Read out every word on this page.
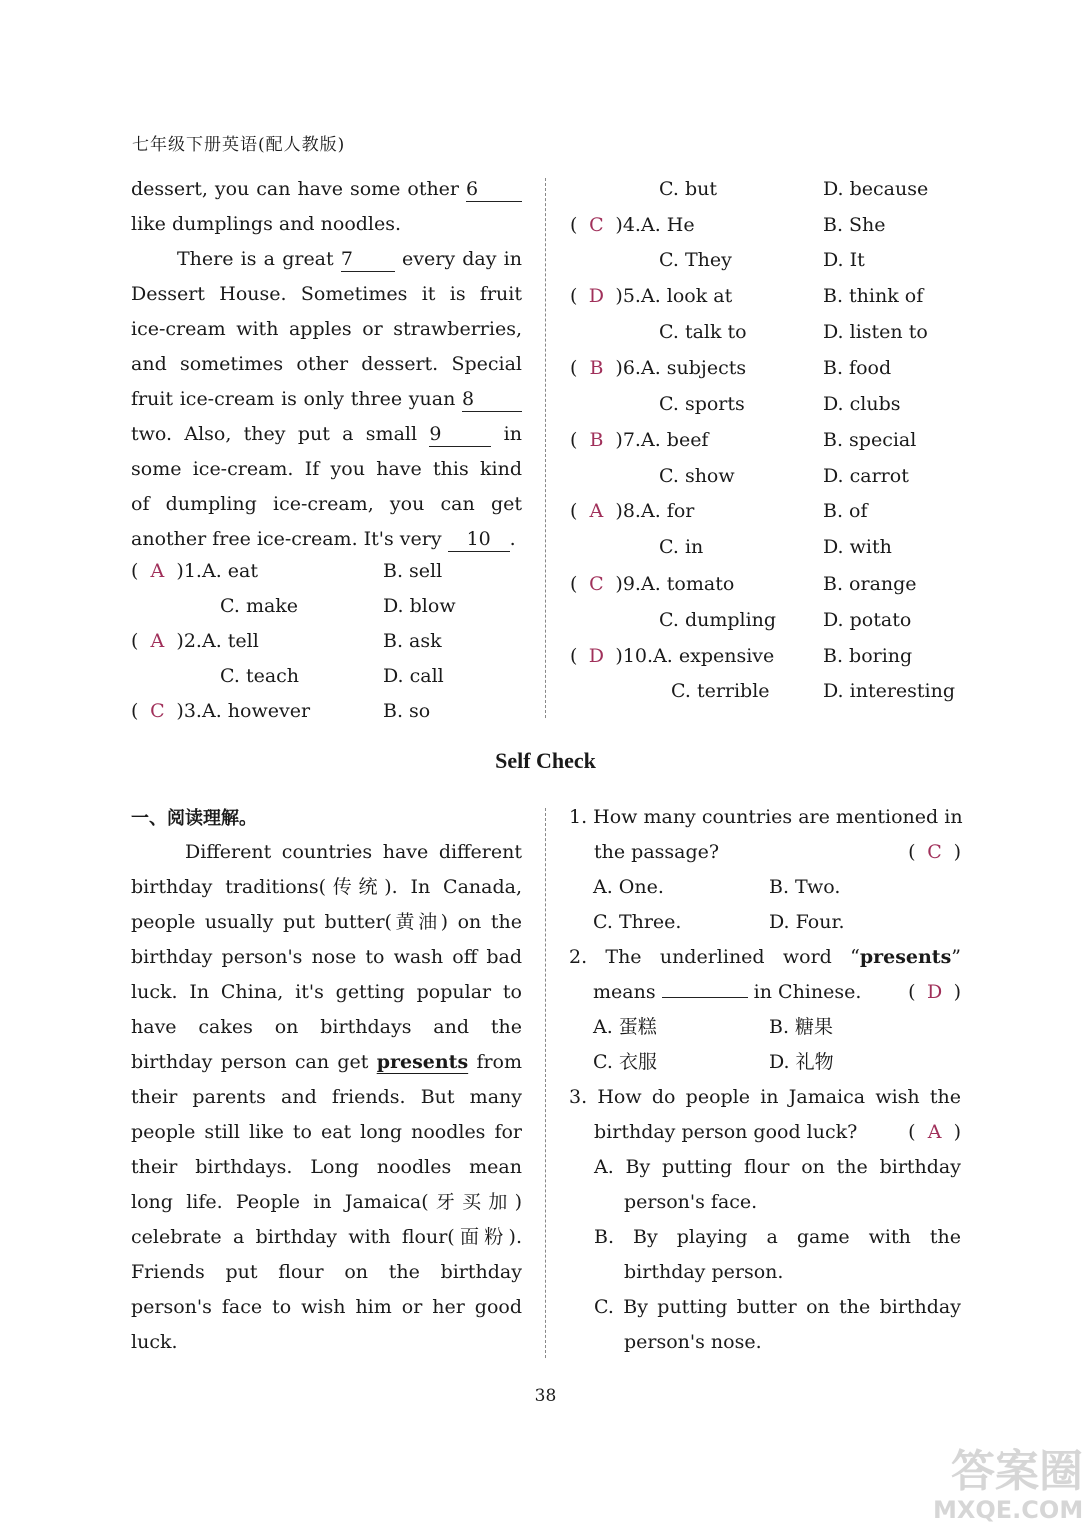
七年级下册英语(配人教版)
dessert, you can have some other 6
like dumplings and noodles.
There is a great 7	every day in
Dessert House. Sometimes it is fruit
ice-cream with apples or strawberries,
and sometimes other dessert. Special
fruit ice-cream is only three yuan 8
two. Also, they put a small 9	in
some ice-cream. If you have this kind
of dumpling ice-cream, you can get
another free ice-cream. It's very 10 .
( A )1.A. eat	B. sell
C. make	D. blow
( A )2.A. tell	B. ask
C. teach	D. call
( C )3.A. however	B. so
C. but	D. because
( C )4.A. He	B. She
C. They	D. It
( D )5.A. look at	B. think of
C. talk to	D. listen to
( B )6.A. subjects	B. food
C. sports	D. clubs
( B )7.A. beef	B. special
C. show	D. carrot
( A )8.A. for	B. of
C. in	D. with
( C )9.A. tomato	B. orange
C. dumpling D. potato
( D )10.A. expensive	B. boring
C. terrible	D. interesting
Self Check
一、阅读理解。
Different countries have different
birthday traditions(传统). In Canada,
people usually put butter(黄油) on the
birthday person's nose to wash off bad
luck. In China, it's getting popular to
have cakes on birthdays and the
birthday person can get presents from
their parents and friends. But many
people still like to eat long noodles for
their birthdays. Long noodles mean
long life. People in Jamaica(牙买加)
celebrate a birthday with flour(面粉).
Friends put flour on the birthday
person's face to wish him or her good
luck.
1. How many countries are mentioned in
the passage?	( C )
A. One.	B. Two.
C. Three.	D. Four.
2. The underlined word “presents”
means	in Chinese. ( D )
A. 蛋糕	B. 糖果
C. 衣服	D. 礼物
3. How do people in Jamaica wish the
birthday person good luck?	( A )
A. By putting flour on the birthday
person's face.
B. By playing a game with the
birthday person.
C. By putting butter on the birthday
person's nose.
38
答案圈
MXQE.COM
